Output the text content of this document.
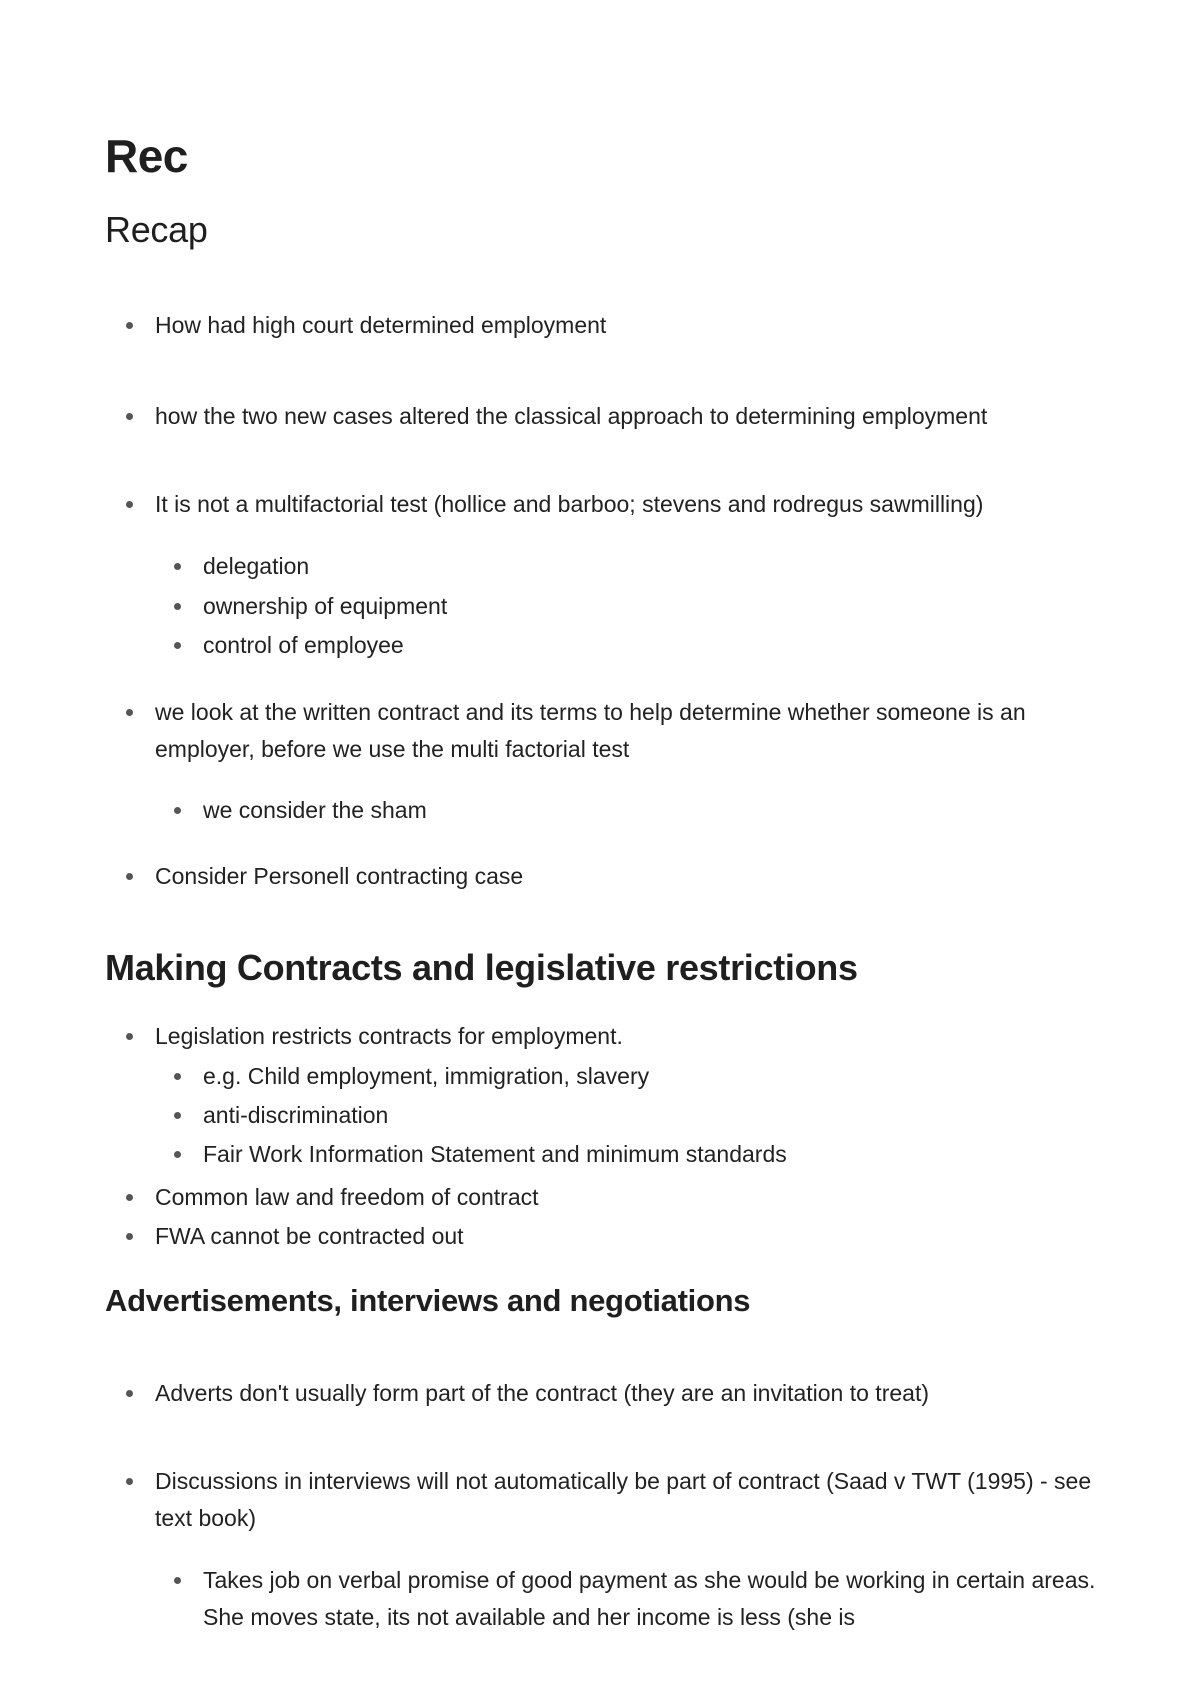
Rec
Recap
How had high court determined employment
how the two new cases altered the classical approach to determining employment
It is not a multifactorial test (hollice and barboo; stevens and rodregus sawmilling)
delegation
ownership of equipment
control of employee
we look at the written contract and its terms to help determine whether someone is an employer, before we use the multi factorial test
we consider the sham
Consider Personell contracting case
Making Contracts and legislative restrictions
Legislation restricts contracts for employment.
e.g. Child employment, immigration, slavery
anti-discrimination
Fair Work Information Statement and minimum standards
Common law and freedom of contract
FWA cannot be contracted out
Advertisements, interviews and negotiations
Adverts don't usually form part of the contract (they are an invitation to treat)
Discussions in interviews will not automatically be part of contract (Saad v TWT (1995) - see text book)
Takes job on verbal promise of good payment as she would be working in certain areas. She moves state, its not available and her income is less (she is
